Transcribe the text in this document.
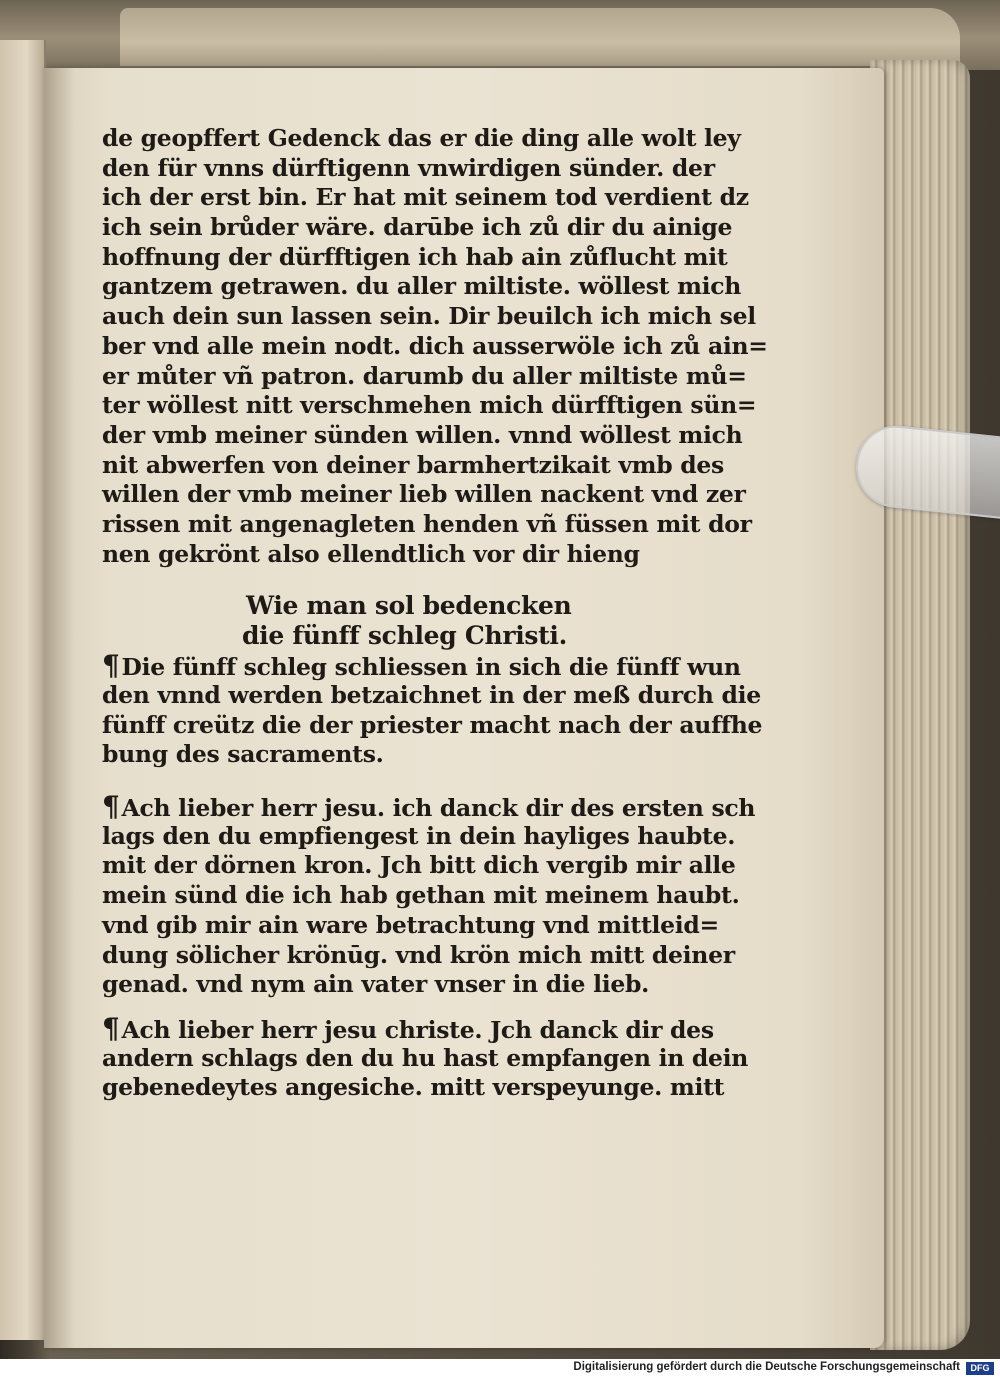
de geopffert Gedenck das er die ding alle wolt ley
den für vnns dürftigenn vnwirdigen sünder. der
ich der erst bin. Er hat mit seinem tod verdient dz
ich sein brůder wäre. darūbe ich zů dir du ainige
hoffnung der dürfftigen ich hab ain zůflucht mit
gantzem getrawen. du aller miltiste. wöllest mich
auch dein sun lassen sein. Dir beuilch ich mich sel
ber vnd alle mein nodt. dich ausserwöle ich zů ain=
er můter vñ patron. darumb du aller miltiste mů=
ter wöllest nitt verschmehen mich dürfftigen sün=
der vmb meiner sünden willen. vnnd wöllest mich
nit abwerfen von deiner barmhertzikait vmb des
willen der vmb meiner lieb willen nackent vnd zer
rissen mit angenagleten henden vñ füssen mit dor
nen gekrönt also ellendtlich vor dir hieng
Wie man sol bedencken
die fünff schleg Christi.
¶Die fünff schleg schliessen in sich die fünff wun
den vnnd werden betzaichnet in der meß durch die
fünff creütz die der priester macht nach der auffhe
bung des sacraments.
¶Ach lieber herr jesu. ich danck dir des ersten sch
lags den du empfiengest in dein hayliges haubte.
mit der dörnen kron. Jch bitt dich vergib mir alle
mein sünd die ich hab gethan mit meinem haubt.
vnd gib mir ain ware betrachtung vnd mittleid=
dung sölicher krönūg. vnd krön mich mitt deiner
genad. vnd nym ain vater vnser in die lieb.
¶Ach lieber herr jesu christe. Jch danck dir des
andern schlags den du hu hast empfangen in dein
gebenedeytes angesiche. mitt verspeyunge. mitt
Digitalisierung gefördert durch die Deutsche Forschungsgemeinschaft	DFG
